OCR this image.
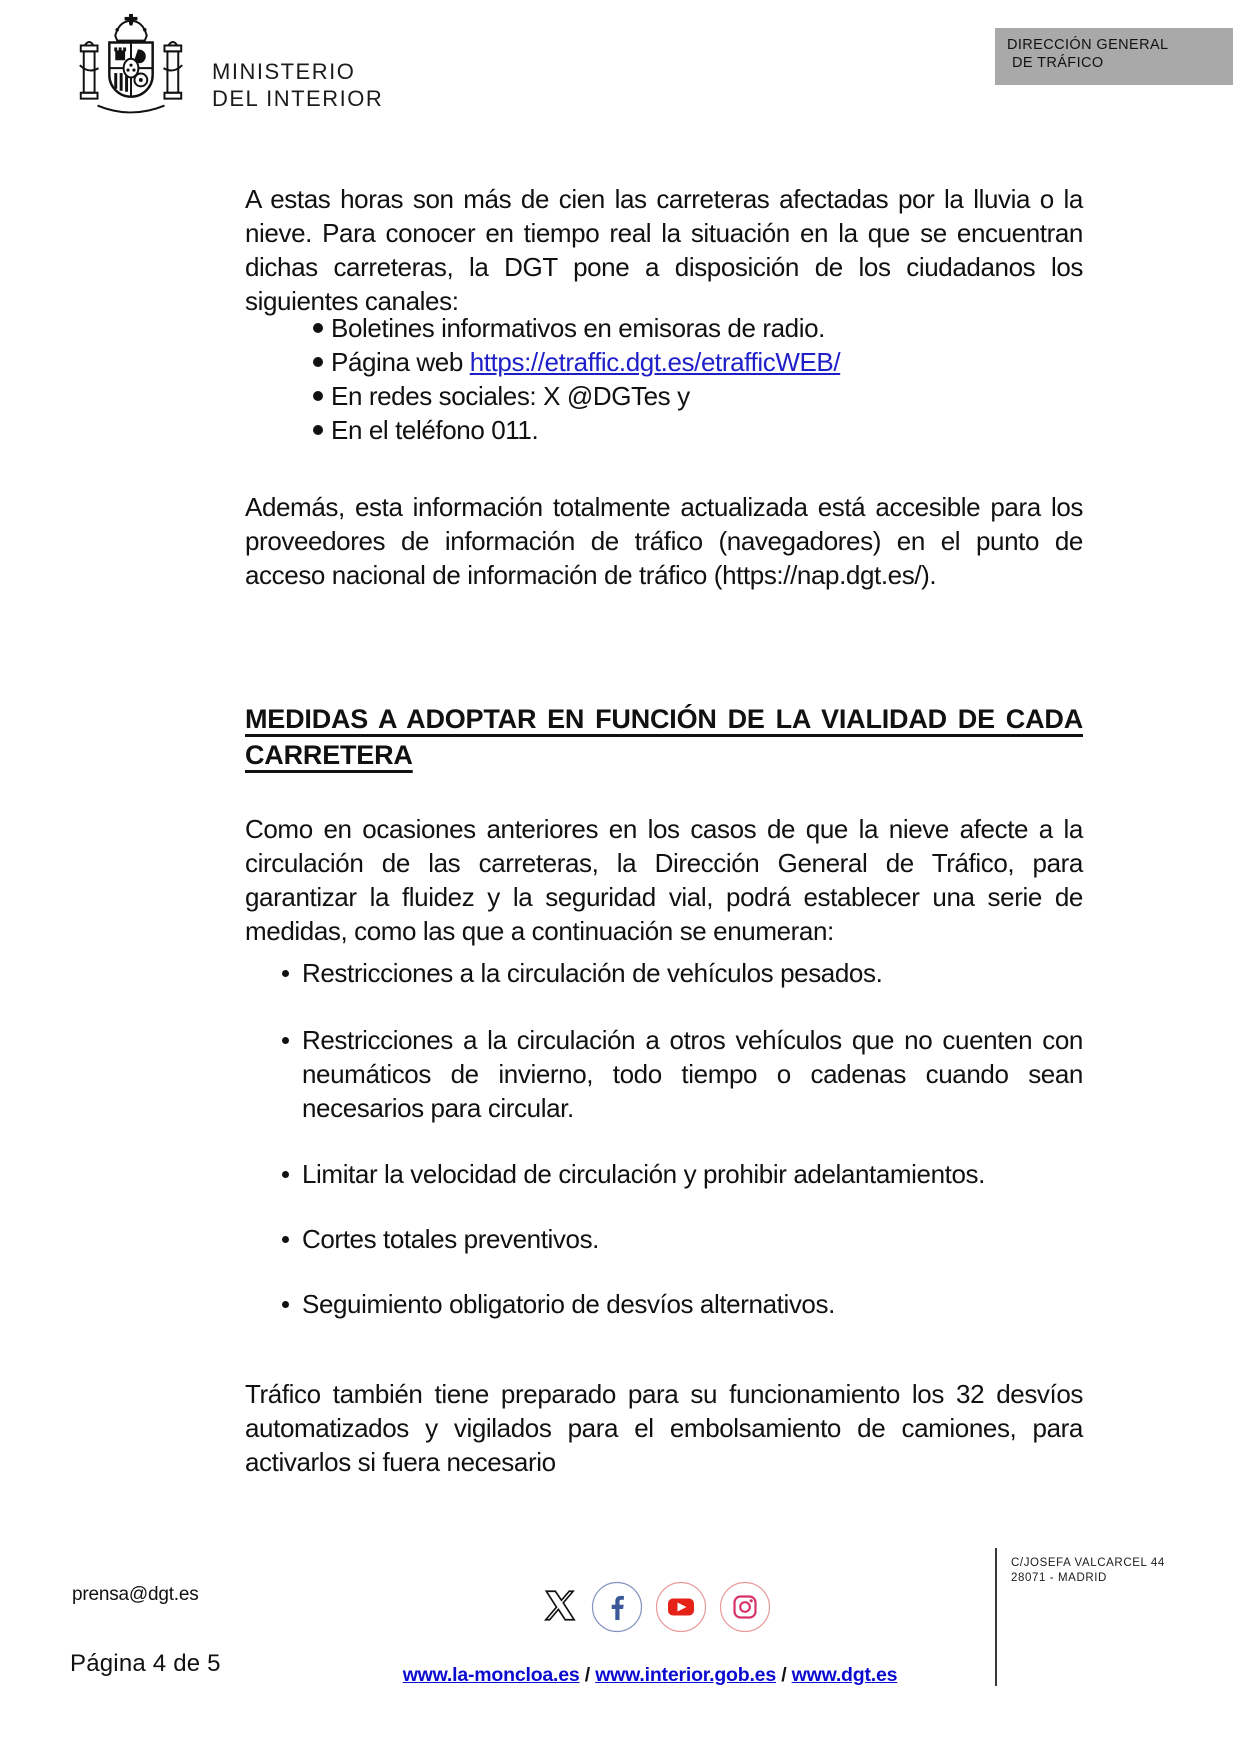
MINISTERIO
DEL INTERIOR
DIRECCIÓN GENERAL
DE TRÁFICO

A estas horas son más de cien las carreteras afectadas por la lluvia o la nieve. Para conocer en tiempo real la situación en la que se encuentran dichas carreteras, la DGT pone a disposición de los ciudadanos los siguientes canales:

Boletines informativos en emisoras de radio.
Página web https://etraffic.dgt.es/etrafficWEB/
En redes sociales: X @DGTes y
En el teléfono 011.

Además, esta información totalmente actualizada está accesible para los proveedores de información de tráfico (navegadores) en el punto de acceso nacional de información de tráfico (https://nap.dgt.es/).

MEDIDAS A ADOPTAR EN FUNCIÓN DE LA VIALIDAD DE CADA
CARRETERA

Como en ocasiones anteriores en los casos de que la nieve afecte a la circulación de las carreteras, la Dirección General de Tráfico, para garantizar la fluidez y la seguridad vial, podrá establecer una serie de medidas, como las que a continuación se enumeran:

Restricciones a la circulación de vehículos pesados.
Restricciones a la circulación a otros vehículos que no cuenten con neumáticos de invierno, todo tiempo o cadenas cuando sean necesarios para circular.
Limitar la velocidad de circulación y prohibir adelantamientos.
Cortes totales preventivos.
Seguimiento obligatorio de desvíos alternativos.

Tráfico también tiene preparado para su funcionamiento los 32 desvíos automatizados y vigilados para el embolsamiento de camiones, para activarlos si fuera necesario

prensa@dgt.es
Página 4 de 5	www.la-moncloa.es / www.interior.gob.es / www.dgt.es
C/JOSEFA VALCARCEL 44
28071 - MADRID
